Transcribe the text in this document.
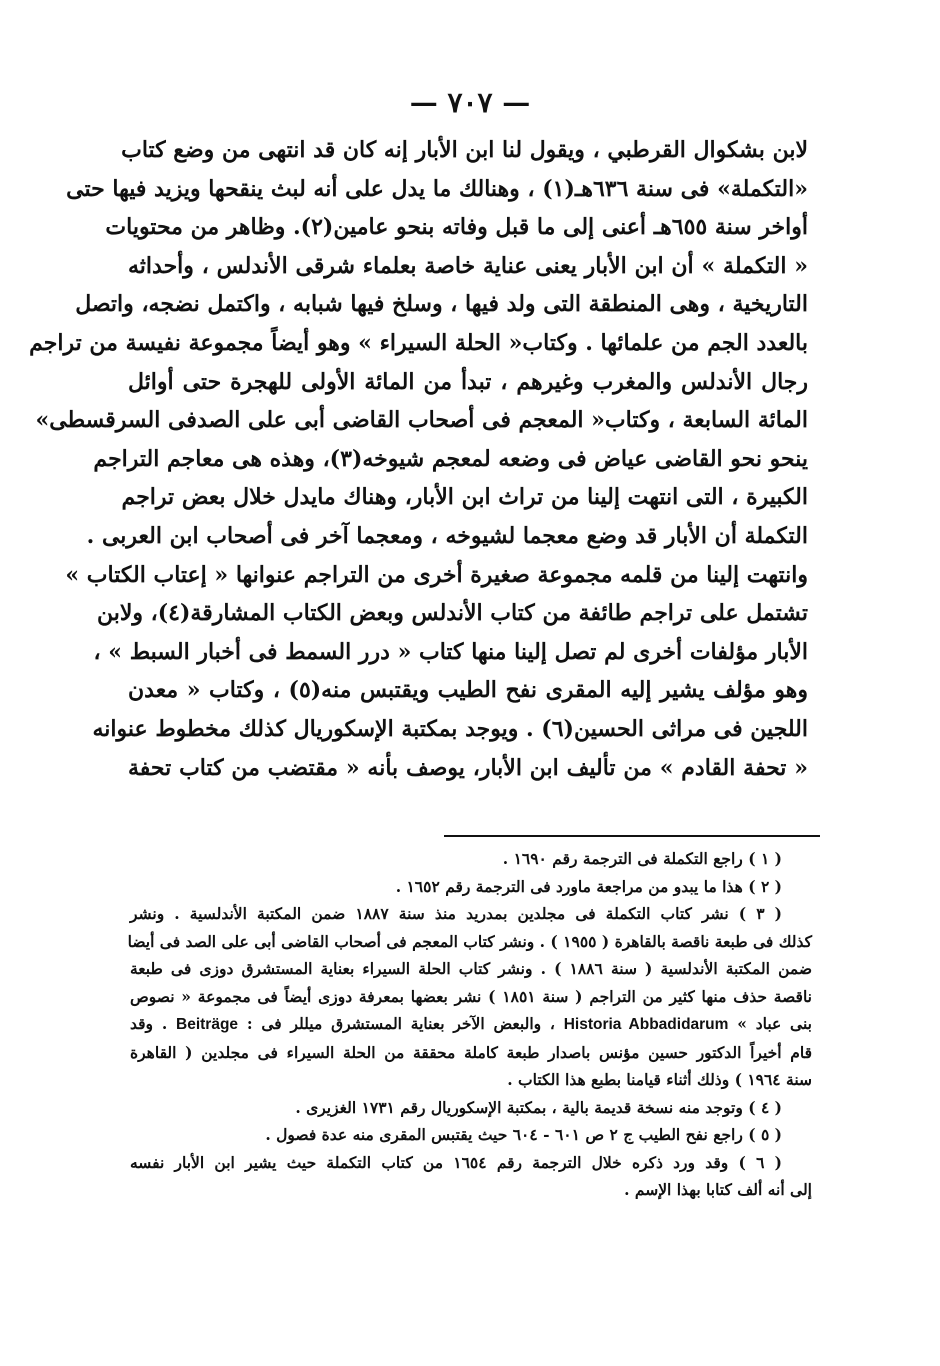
— ٧٠٧ —
لابن بشكوال القرطبي ، ويقول لنا ابن الأبار إنه كان قد انتهى من وضع كتاب
«التكملة» فى سنة ٦٣٦هـ(١) ، وهنالك ما يدل على أنه لبث ينقحها ويزيد فيها حتى
أواخر سنة ٦٥٥هـ أعنى إلى ما قبل وفاته بنحو عامين(٢). وظاهر من محتويات
« التكملة » أن ابن الأبار يعنى عناية خاصة بعلماء شرقى الأندلس ، وأحداثه
التاريخية ، وهى المنطقة التى ولد فيها ، وسلخ فيها شبابه ، واكتمل نضجه، واتصل
بالعدد الجم من علمائها . وكتاب« الحلة السيراء » وهو أيضاً مجموعة نفيسة من تراجم
رجال الأندلس والمغرب وغيرهم ، تبدأ من المائة الأولى للهجرة حتى أوائل
المائة السابعة ، وكتاب« المعجم فى أصحاب القاضى أبى على الصدفى السرقسطى»
ينحو نحو القاضى عياض فى وضعه لمعجم شيوخه(٣)، وهذه هى معاجم التراجم
الكبيرة ، التى انتهت إلينا من تراث ابن الأبار، وهناك مايدل خلال بعض تراجم
التكملة أن الأبار قد وضع معجما لشيوخه ، ومعجما آخر فى أصحاب ابن العربى .
وانتهت إلينا من قلمه مجموعة صغيرة أخرى من التراجم عنوانها « إعتاب الكتاب »
تشتمل على تراجم طائفة من كتاب الأندلس وبعض الكتاب المشارقة(٤)، ولابن
الأبار مؤلفات أخرى لم تصل إلينا منها كتاب « درر السمط فى أخبار السبط » ،
وهو مؤلف يشير إليه المقرى نفح الطيب ويقتبس منه(٥) ، وكتاب « معدن
اللجين فى مراثى الحسين(٦) . ويوجد بمكتبة الإسكوريال كذلك مخطوط عنوانه
« تحفة القادم » من تأليف ابن الأبار، يوصف بأنه « مقتضب من كتاب تحفة
( ١ ) راجع التكملة فى الترجمة رقم ١٦٩٠ .
( ٢ ) هذا ما يبدو من مراجعة ماورد فى الترجمة رقم ١٦٥٢ .
( ٣ ) نشر كتاب التكملة فى مجلدين بمدريد منذ سنة ١٨٨٧ ضمن المكتبة الأندلسية . ونشر
كذلك فى طبعة ناقصة بالقاهرة ( ١٩٥٥ ) . ونشر كتاب المعجم فى أصحاب القاضى أبى على الصد فى أيضا
ضمن المكتبة الأندلسية ( سنة ١٨٨٦ ) . ونشر كتاب الحلة السيراء بعناية المستشرق دوزى فى طبعة
ناقصة حذف منها كثير من التراجم ( سنة ١٨٥١ ) نشر بعضها بمعرفة دوزى أيضاً فى مجموعة « نصوص
بنى عباد » Historia Abbadidarum ، والبعض الآخر بعناية المستشرق ميللر فى : Beiträge . وقد
قام أخيراً الدكتور حسين مؤنس باصدار طبعة كاملة محققة من الحلة السيراء فى مجلدين ( القاهرة
سنة ١٩٦٤ ) وذلك أثناء قيامنا بطبع هذا الكتاب .
( ٤ ) وتوجد منه نسخة قديمة بالية ، بمكتبة الإسكوريال رقم ١٧٣١ الغزيرى .
( ٥ ) راجع نفح الطيب ج ٢ ص ٦٠١ - ٦٠٤ حيث يقتبس المقرى منه عدة فصول .
( ٦ ) وقد ورد ذكره خلال الترجمة رقم ١٦٥٤ من كتاب التكملة حيث يشير ابن الأبار نفسه
إلى أنه ألف كتابا بهذا الإسم .
